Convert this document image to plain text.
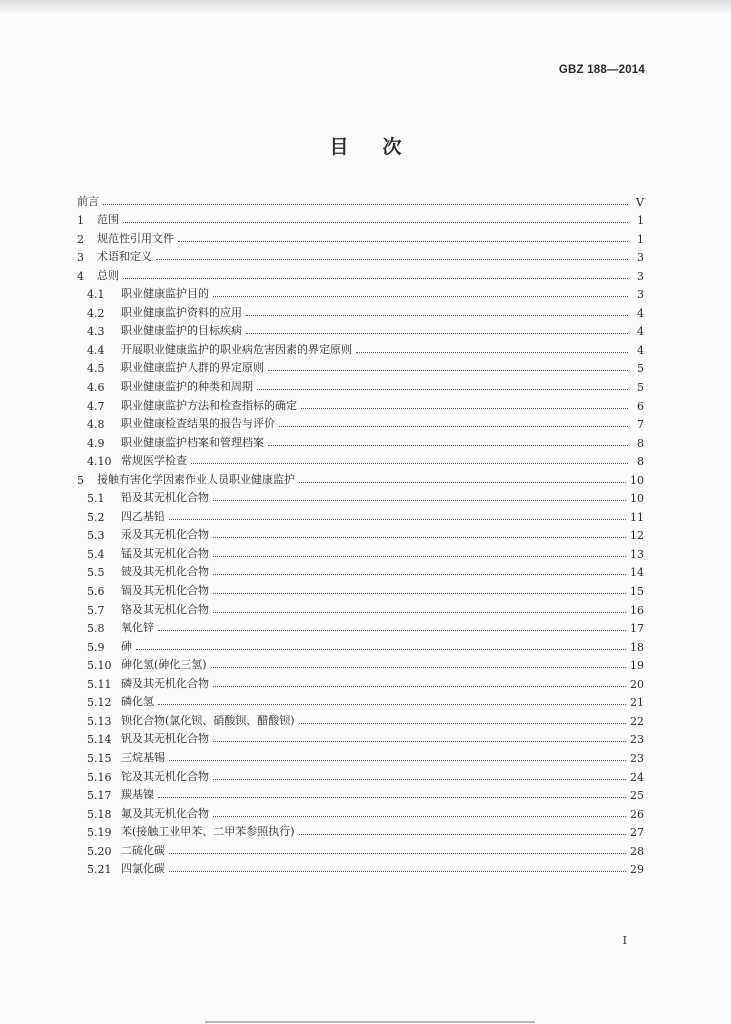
GBZ 188—2014
目次
前言	V
1	范围	1
2	规范性引用文件	1
3	术语和定义	3
4	总则	3
4.1	职业健康监护目的	3
4.2	职业健康监护资料的应用	4
4.3	职业健康监护的目标疾病	4
4.4	开展职业健康监护的职业病危害因素的界定原则	4
4.5	职业健康监护人群的界定原则	5
4.6	职业健康监护的种类和周期	5
4.7	职业健康监护方法和检查指标的确定	6
4.8	职业健康检查结果的报告与评价	7
4.9	职业健康监护档案和管理档案	8
4.10 常规医学检查	8
5	接触有害化学因素作业人员职业健康监护	10
5.1	铅及其无机化合物	10
5.2	四乙基铅	11
5.3	汞及其无机化合物	12
5.4	锰及其无机化合物	13
5.5	铍及其无机化合物	14
5.6	镉及其无机化合物	15
5.7	铬及其无机化合物	16
5.8	氧化锌	17
5.9	砷	18
5.10 砷化氢(砷化三氢)	19
5.11 磷及其无机化合物	20
5.12 磷化氢	21
5.13 钡化合物(氯化钡、硝酸钡、醋酸钡)	22
5.14 钒及其无机化合物	23
5.15 三烷基锡	23
5.16 铊及其无机化合物	24
5.17 羰基镍	25
5.18 氟及其无机化合物	26
5.19 苯(接触工业甲苯、二甲苯参照执行)	27
5.20 二硫化碳	28
5.21 四氯化碳	29
I
